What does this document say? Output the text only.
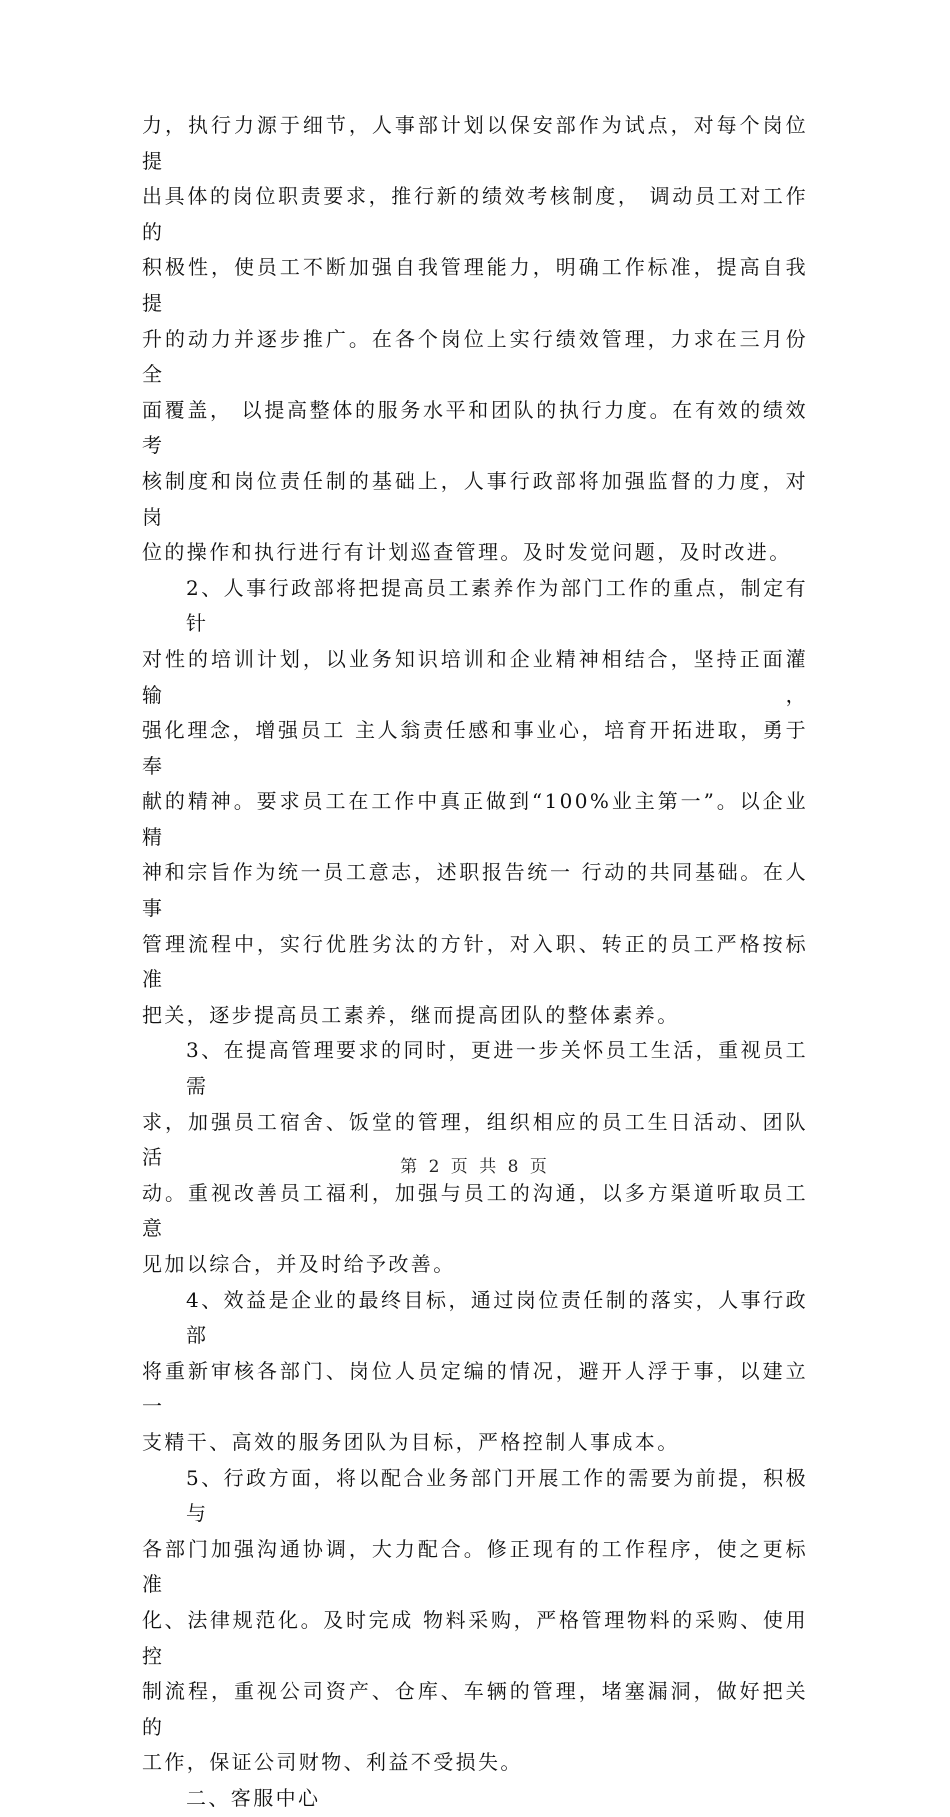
力，执行力源于细节，人事部计划以保安部作为试点，对每个岗位提
出具体的岗位职责要求，推行新的绩效考核制度， 调动员工对工作的
积极性，使员工不断加强自我管理能力，明确工作标准，提高自我提
升的动力并逐步推广。在各个岗位上实行绩效管理，力求在三月份全
面覆盖， 以提高整体的服务水平和团队的执行力度。在有效的绩效考
核制度和岗位责任制的基础上，人事行政部将加强监督的力度，对岗
位的操作和执行进行有计划巡查管理。及时发觉问题，及时改进。

2、人事行政部将把提高员工素养作为部门工作的重点，制定有针
对性的培训计划，以业务知识培训和企业精神相结合，坚持正面灌输，
强化理念，增强员工 主人翁责任感和事业心，培育开拓进取，勇于奉
献的精神。要求员工在工作中真正做到“100%业主第一”。以企业精
神和宗旨作为统一员工意志，述职报告统一 行动的共同基础。在人事
管理流程中，实行优胜劣汰的方针，对入职、转正的员工严格按标准
把关，逐步提高员工素养，继而提高团队的整体素养。

3、在提高管理要求的同时，更进一步关怀员工生活，重视员工需
求，加强员工宿舍、饭堂的管理，组织相应的员工生日活动、团队活
动。重视改善员工福利，加强与员工的沟通，以多方渠道听取员工意
见加以综合，并及时给予改善。

4、效益是企业的最终目标，通过岗位责任制的落实，人事行政部
将重新审核各部门、岗位人员定编的情况，避开人浮于事，以建立一
支精干、高效的服务团队为目标，严格控制人事成本。

5、行政方面，将以配合业务部门开展工作的需要为前提，积极与
各部门加强沟通协调，大力配合。修正现有的工作程序，使之更标准
化、法律规范化。及时完成 物料采购，严格管理物料的采购、使用控
制流程，重视公司资产、仓库、车辆的管理，堵塞漏洞，做好把关的
工作，保证公司财物、利益不受损失。

二、客服中心

第 2 页 共 8 页
